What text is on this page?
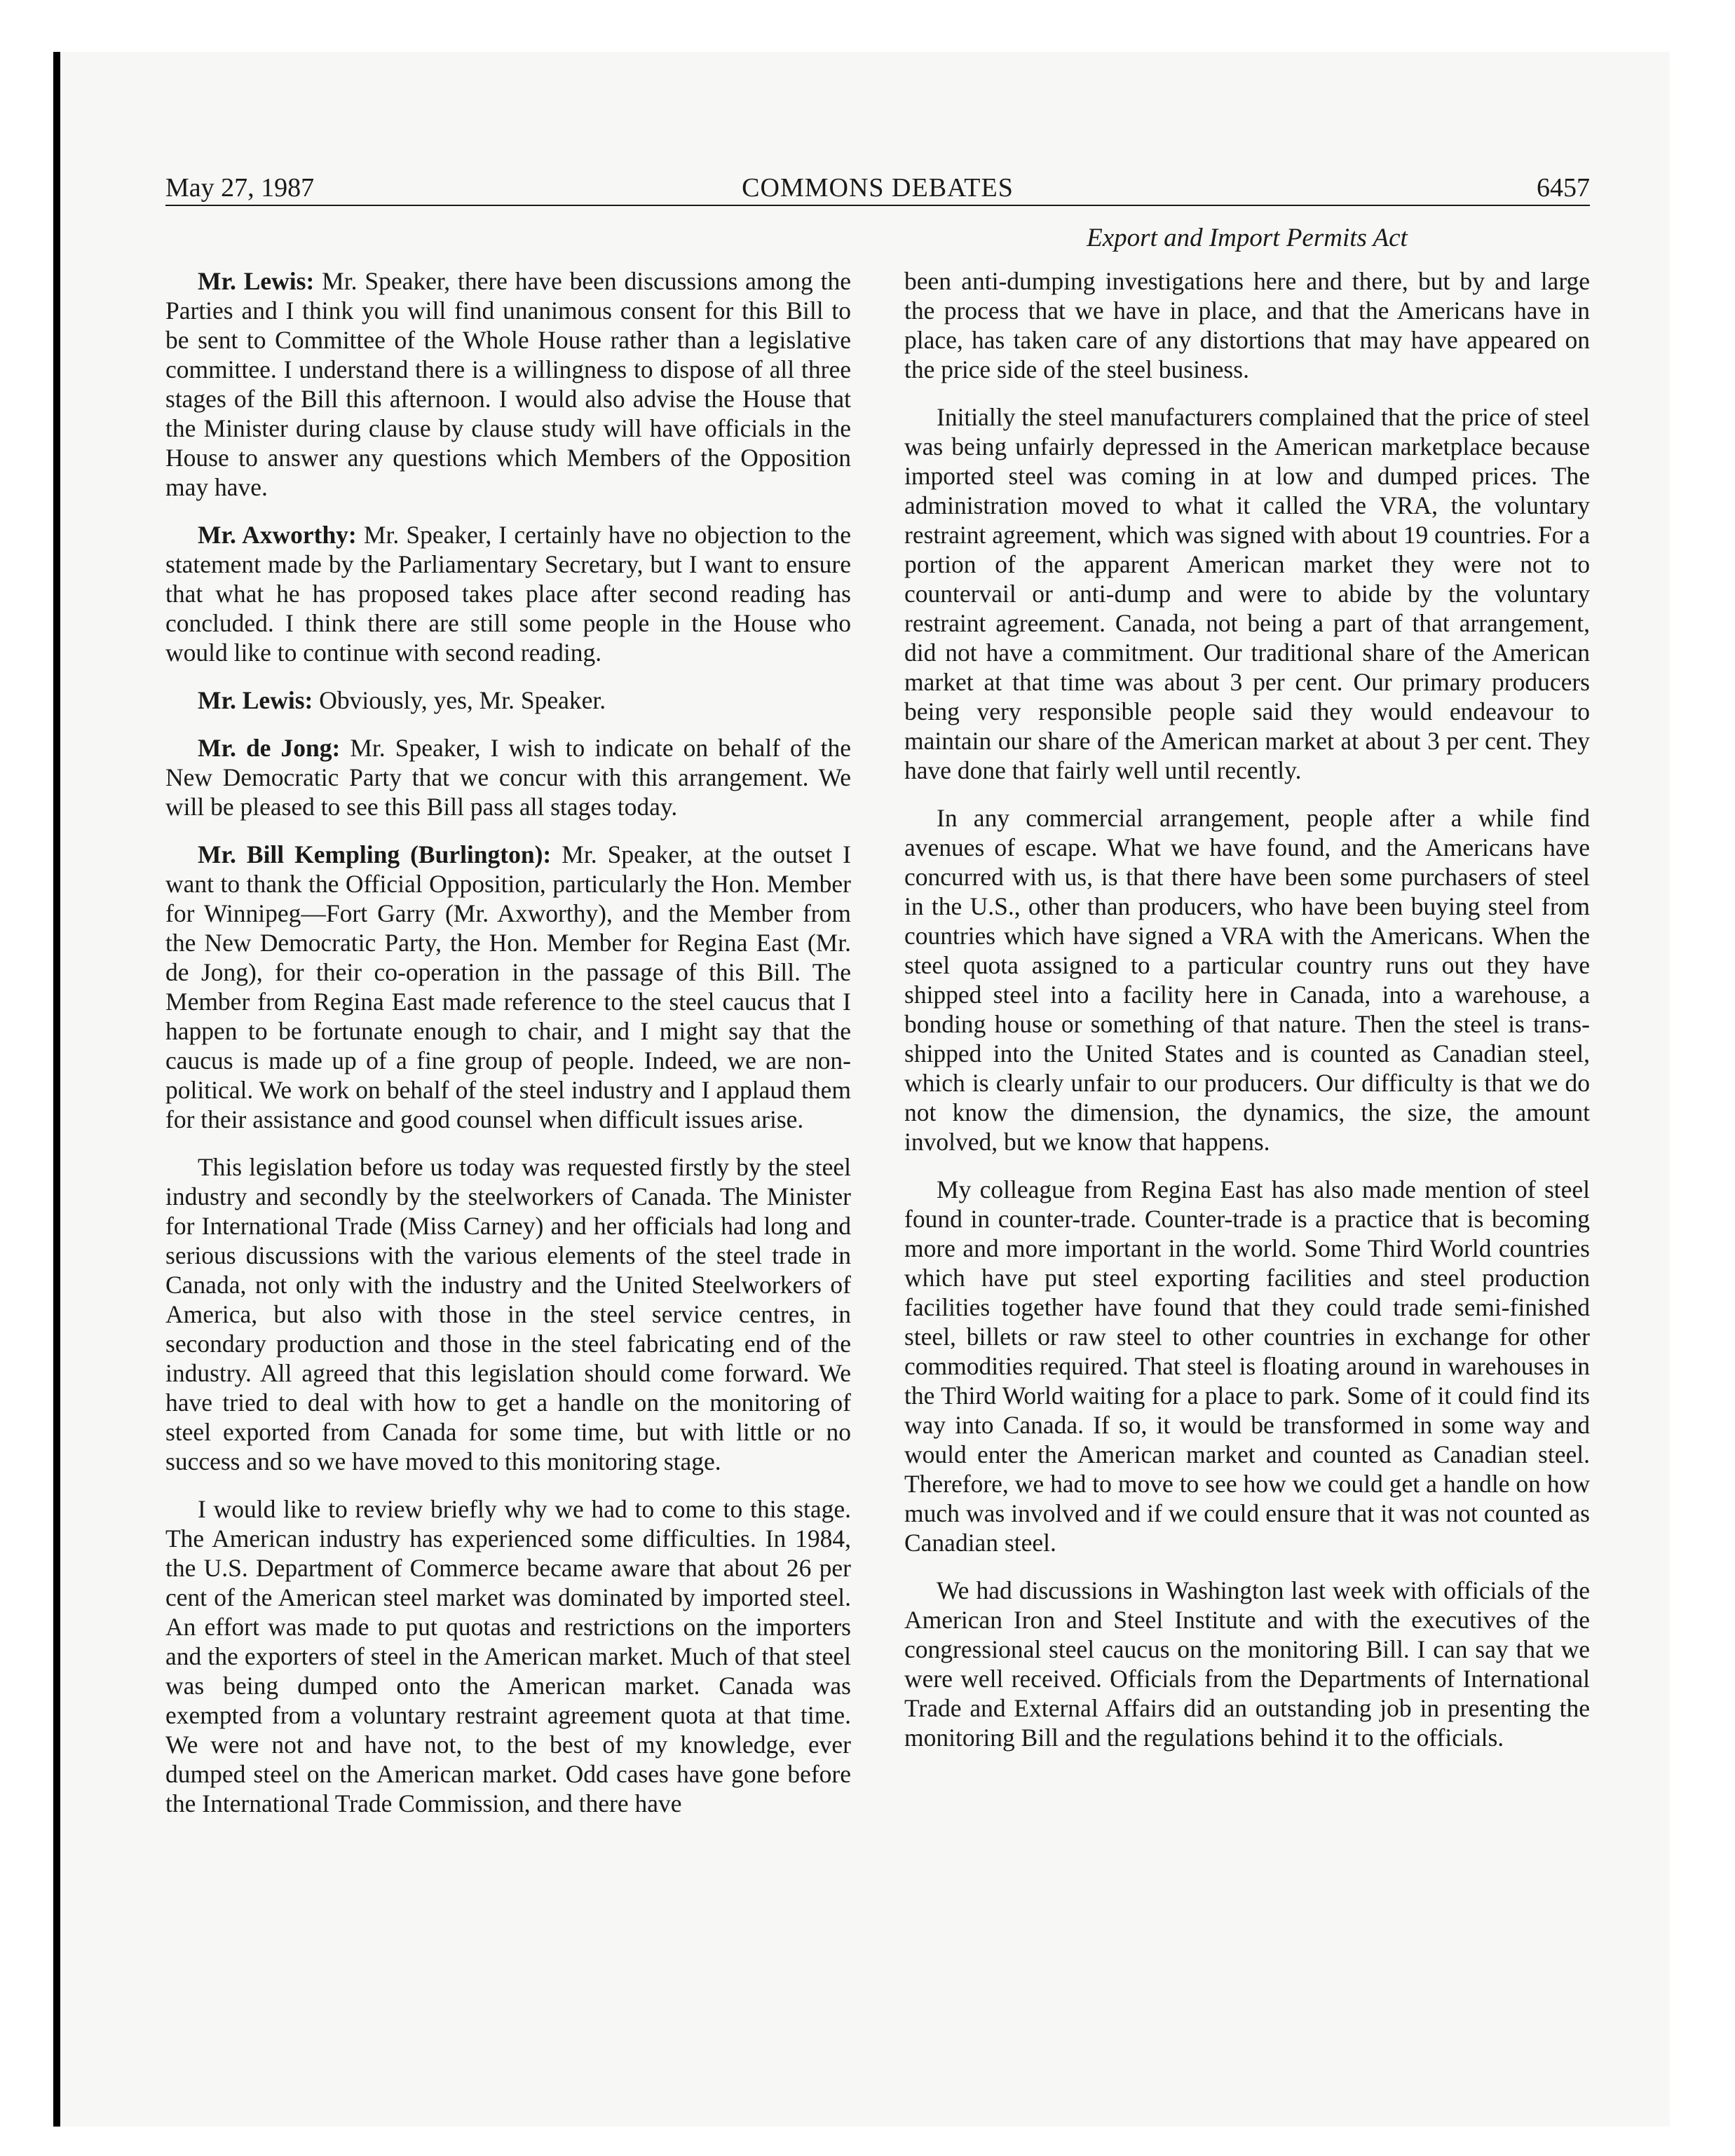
May 27, 1987	COMMONS DEBATES	6457
Export and Import Permits Act

Mr. Lewis: Mr. Speaker, there have been discussions among the Parties and I think you will find unanimous consent for this Bill to be sent to Committee of the Whole House rather than a legislative committee. I understand there is a willingness to dispose of all three stages of the Bill this afternoon. I would also advise the House that the Minister during clause by clause study will have officials in the House to answer any questions which Members of the Opposition may have.

Mr. Axworthy: Mr. Speaker, I certainly have no objection to the statement made by the Parliamentary Secretary, but I want to ensure that what he has proposed takes place after second reading has concluded. I think there are still some people in the House who would like to continue with second reading.

Mr. Lewis: Obviously, yes, Mr. Speaker.

Mr. de Jong: Mr. Speaker, I wish to indicate on behalf of the New Democratic Party that we concur with this arrangement. We will be pleased to see this Bill pass all stages today.

Mr. Bill Kempling (Burlington): Mr. Speaker, at the outset I want to thank the Official Opposition, particularly the Hon. Member for Winnipeg—Fort Garry (Mr. Axworthy), and the Member from the New Democratic Party, the Hon. Member for Regina East (Mr. de Jong), for their co-operation in the passage of this Bill. The Member from Regina East made reference to the steel caucus that I happen to be fortunate enough to chair, and I might say that the caucus is made up of a fine group of people. Indeed, we are non-political. We work on behalf of the steel industry and I applaud them for their assistance and good counsel when difficult issues arise.

This legislation before us today was requested firstly by the steel industry and secondly by the steelworkers of Canada. The Minister for International Trade (Miss Carney) and her officials had long and serious discussions with the various elements of the steel trade in Canada, not only with the industry and the United Steelworkers of America, but also with those in the steel service centres, in secondary production and those in the steel fabricating end of the industry. All agreed that this legislation should come forward. We have tried to deal with how to get a handle on the monitoring of steel exported from Canada for some time, but with little or no success and so we have moved to this monitoring stage.

I would like to review briefly why we had to come to this stage. The American industry has experienced some difficulties. In 1984, the U.S. Department of Commerce became aware that about 26 per cent of the American steel market was dominated by imported steel. An effort was made to put quotas and restrictions on the importers and the exporters of steel in the American market. Much of that steel was being dumped onto the American market. Canada was exempted from a voluntary restraint agreement quota at that time. We were not and have not, to the best of my knowledge, ever dumped steel on the American market. Odd cases have gone before the International Trade Commission, and there have

been anti-dumping investigations here and there, but by and large the process that we have in place, and that the Americans have in place, has taken care of any distortions that may have appeared on the price side of the steel business.

Initially the steel manufacturers complained that the price of steel was being unfairly depressed in the American marketplace because imported steel was coming in at low and dumped prices. The administration moved to what it called the VRA, the voluntary restraint agreement, which was signed with about 19 countries. For a portion of the apparent American market they were not to countervail or anti-dump and were to abide by the voluntary restraint agreement. Canada, not being a part of that arrangement, did not have a commitment. Our traditional share of the American market at that time was about 3 per cent. Our primary producers being very responsible people said they would endeavour to maintain our share of the American market at about 3 per cent. They have done that fairly well until recently.

In any commercial arrangement, people after a while find avenues of escape. What we have found, and the Americans have concurred with us, is that there have been some purchasers of steel in the U.S., other than producers, who have been buying steel from countries which have signed a VRA with the Americans. When the steel quota assigned to a particular country runs out they have shipped steel into a facility here in Canada, into a warehouse, a bonding house or something of that nature. Then the steel is trans-shipped into the United States and is counted as Canadian steel, which is clearly unfair to our producers. Our difficulty is that we do not know the dimension, the dynamics, the size, the amount involved, but we know that happens.

My colleague from Regina East has also made mention of steel found in counter-trade. Counter-trade is a practice that is becoming more and more important in the world. Some Third World countries which have put steel exporting facilities and steel production facilities together have found that they could trade semi-finished steel, billets or raw steel to other countries in exchange for other commodities required. That steel is floating around in warehouses in the Third World waiting for a place to park. Some of it could find its way into Canada. If so, it would be transformed in some way and would enter the American market and counted as Canadian steel. Therefore, we had to move to see how we could get a handle on how much was involved and if we could ensure that it was not counted as Canadian steel.

We had discussions in Washington last week with officials of the American Iron and Steel Institute and with the executives of the congressional steel caucus on the monitoring Bill. I can say that we were well received. Officials from the Departments of International Trade and External Affairs did an outstanding job in presenting the monitoring Bill and the regulations behind it to the officials.
